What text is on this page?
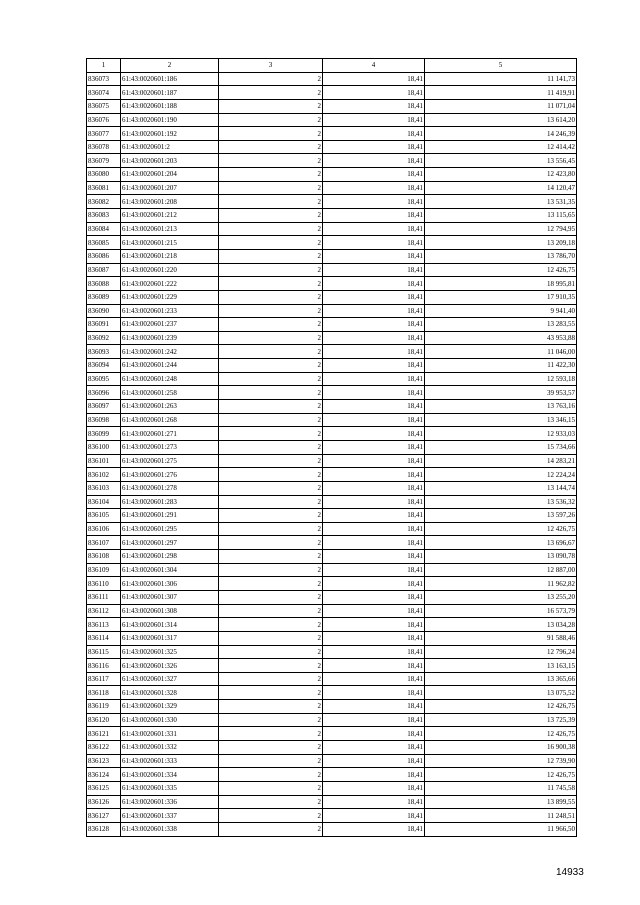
1	2	3	4	5
836073	61:43:0020601:186	2	18,41	11 141,73
836074	61:43:0020601:187	2	18,41	11 419,91
836075	61:43:0020601:188	2	18,41	11 071,04
836076	61:43:0020601:190	2	18,41	13 614,20
836077	61:43:0020601:192	2	18,41	14 246,39
836078	61:43:0020601:2	2	18,41	12 414,42
836079	61:43:0020601:203	2	18,41	13 556,45
836080	61:43:0020601:204	2	18,41	12 423,80
836081	61:43:0020601:207	2	18,41	14 120,47
836082	61:43:0020601:208	2	18,41	13 531,35
836083	61:43:0020601:212	2	18,41	13 115,65
836084	61:43:0020601:213	2	18,41	12 794,95
836085	61:43:0020601:215	2	18,41	13 209,18
836086	61:43:0020601:218	2	18,41	13 786,70
836087	61:43:0020601:220	2	18,41	12 426,75
836088	61:43:0020601:222	2	18,41	18 995,81
836089	61:43:0020601:229	2	18,41	17 910,35
836090	61:43:0020601:233	2	18,41	9 941,40
836091	61:43:0020601:237	2	18,41	13 283,55
836092	61:43:0020601:239	2	18,41	43 953,88
836093	61:43:0020601:242	2	18,41	11 046,00
836094	61:43:0020601:244	2	18,41	11 422,30
836095	61:43:0020601:248	2	18,41	12 593,18
836096	61:43:0020601:258	2	18,41	39 953,57
836097	61:43:0020601:263	2	18,41	13 763,16
836098	61:43:0020601:268	2	18,41	13 346,15
836099	61:43:0020601:271	2	18,41	12 933,03
836100	61:43:0020601:273	2	18,41	15 734,66
836101	61:43:0020601:275	2	18,41	14 283,21
836102	61:43:0020601:276	2	18,41	12 224,24
836103	61:43:0020601:278	2	18,41	13 144,74
836104	61:43:0020601:283	2	18,41	13 536,32
836105	61:43:0020601:291	2	18,41	13 597,26
836106	61:43:0020601:295	2	18,41	12 426,75
836107	61:43:0020601:297	2	18,41	13 696,67
836108	61:43:0020601:298	2	18,41	13 090,78
836109	61:43:0020601:304	2	18,41	12 887,00
836110	61:43:0020601:306	2	18,41	11 962,82
836111	61:43:0020601:307	2	18,41	13 255,20
836112	61:43:0020601:308	2	18,41	16 573,79
836113	61:43:0020601:314	2	18,41	13 034,28
836114	61:43:0020601:317	2	18,41	91 588,46
836115	61:43:0020601:325	2	18,41	12 796,24
836116	61:43:0020601:326	2	18,41	13 163,15
836117	61:43:0020601:327	2	18,41	13 365,66
836118	61:43:0020601:328	2	18,41	13 075,52
836119	61:43:0020601:329	2	18,41	12 426,75
836120	61:43:0020601:330	2	18,41	13 725,39
836121	61:43:0020601:331	2	18,41	12 426,75
836122	61:43:0020601:332	2	18,41	16 900,38
836123	61:43:0020601:333	2	18,41	12 739,90
836124	61:43:0020601:334	2	18,41	12 426,75
836125	61:43:0020601:335	2	18,41	11 745,58
836126	61:43:0020601:336	2	18,41	13 899,55
836127	61:43:0020601:337	2	18,41	11 248,51
836128	61:43:0020601:338	2	18,41	11 966,50
14933
